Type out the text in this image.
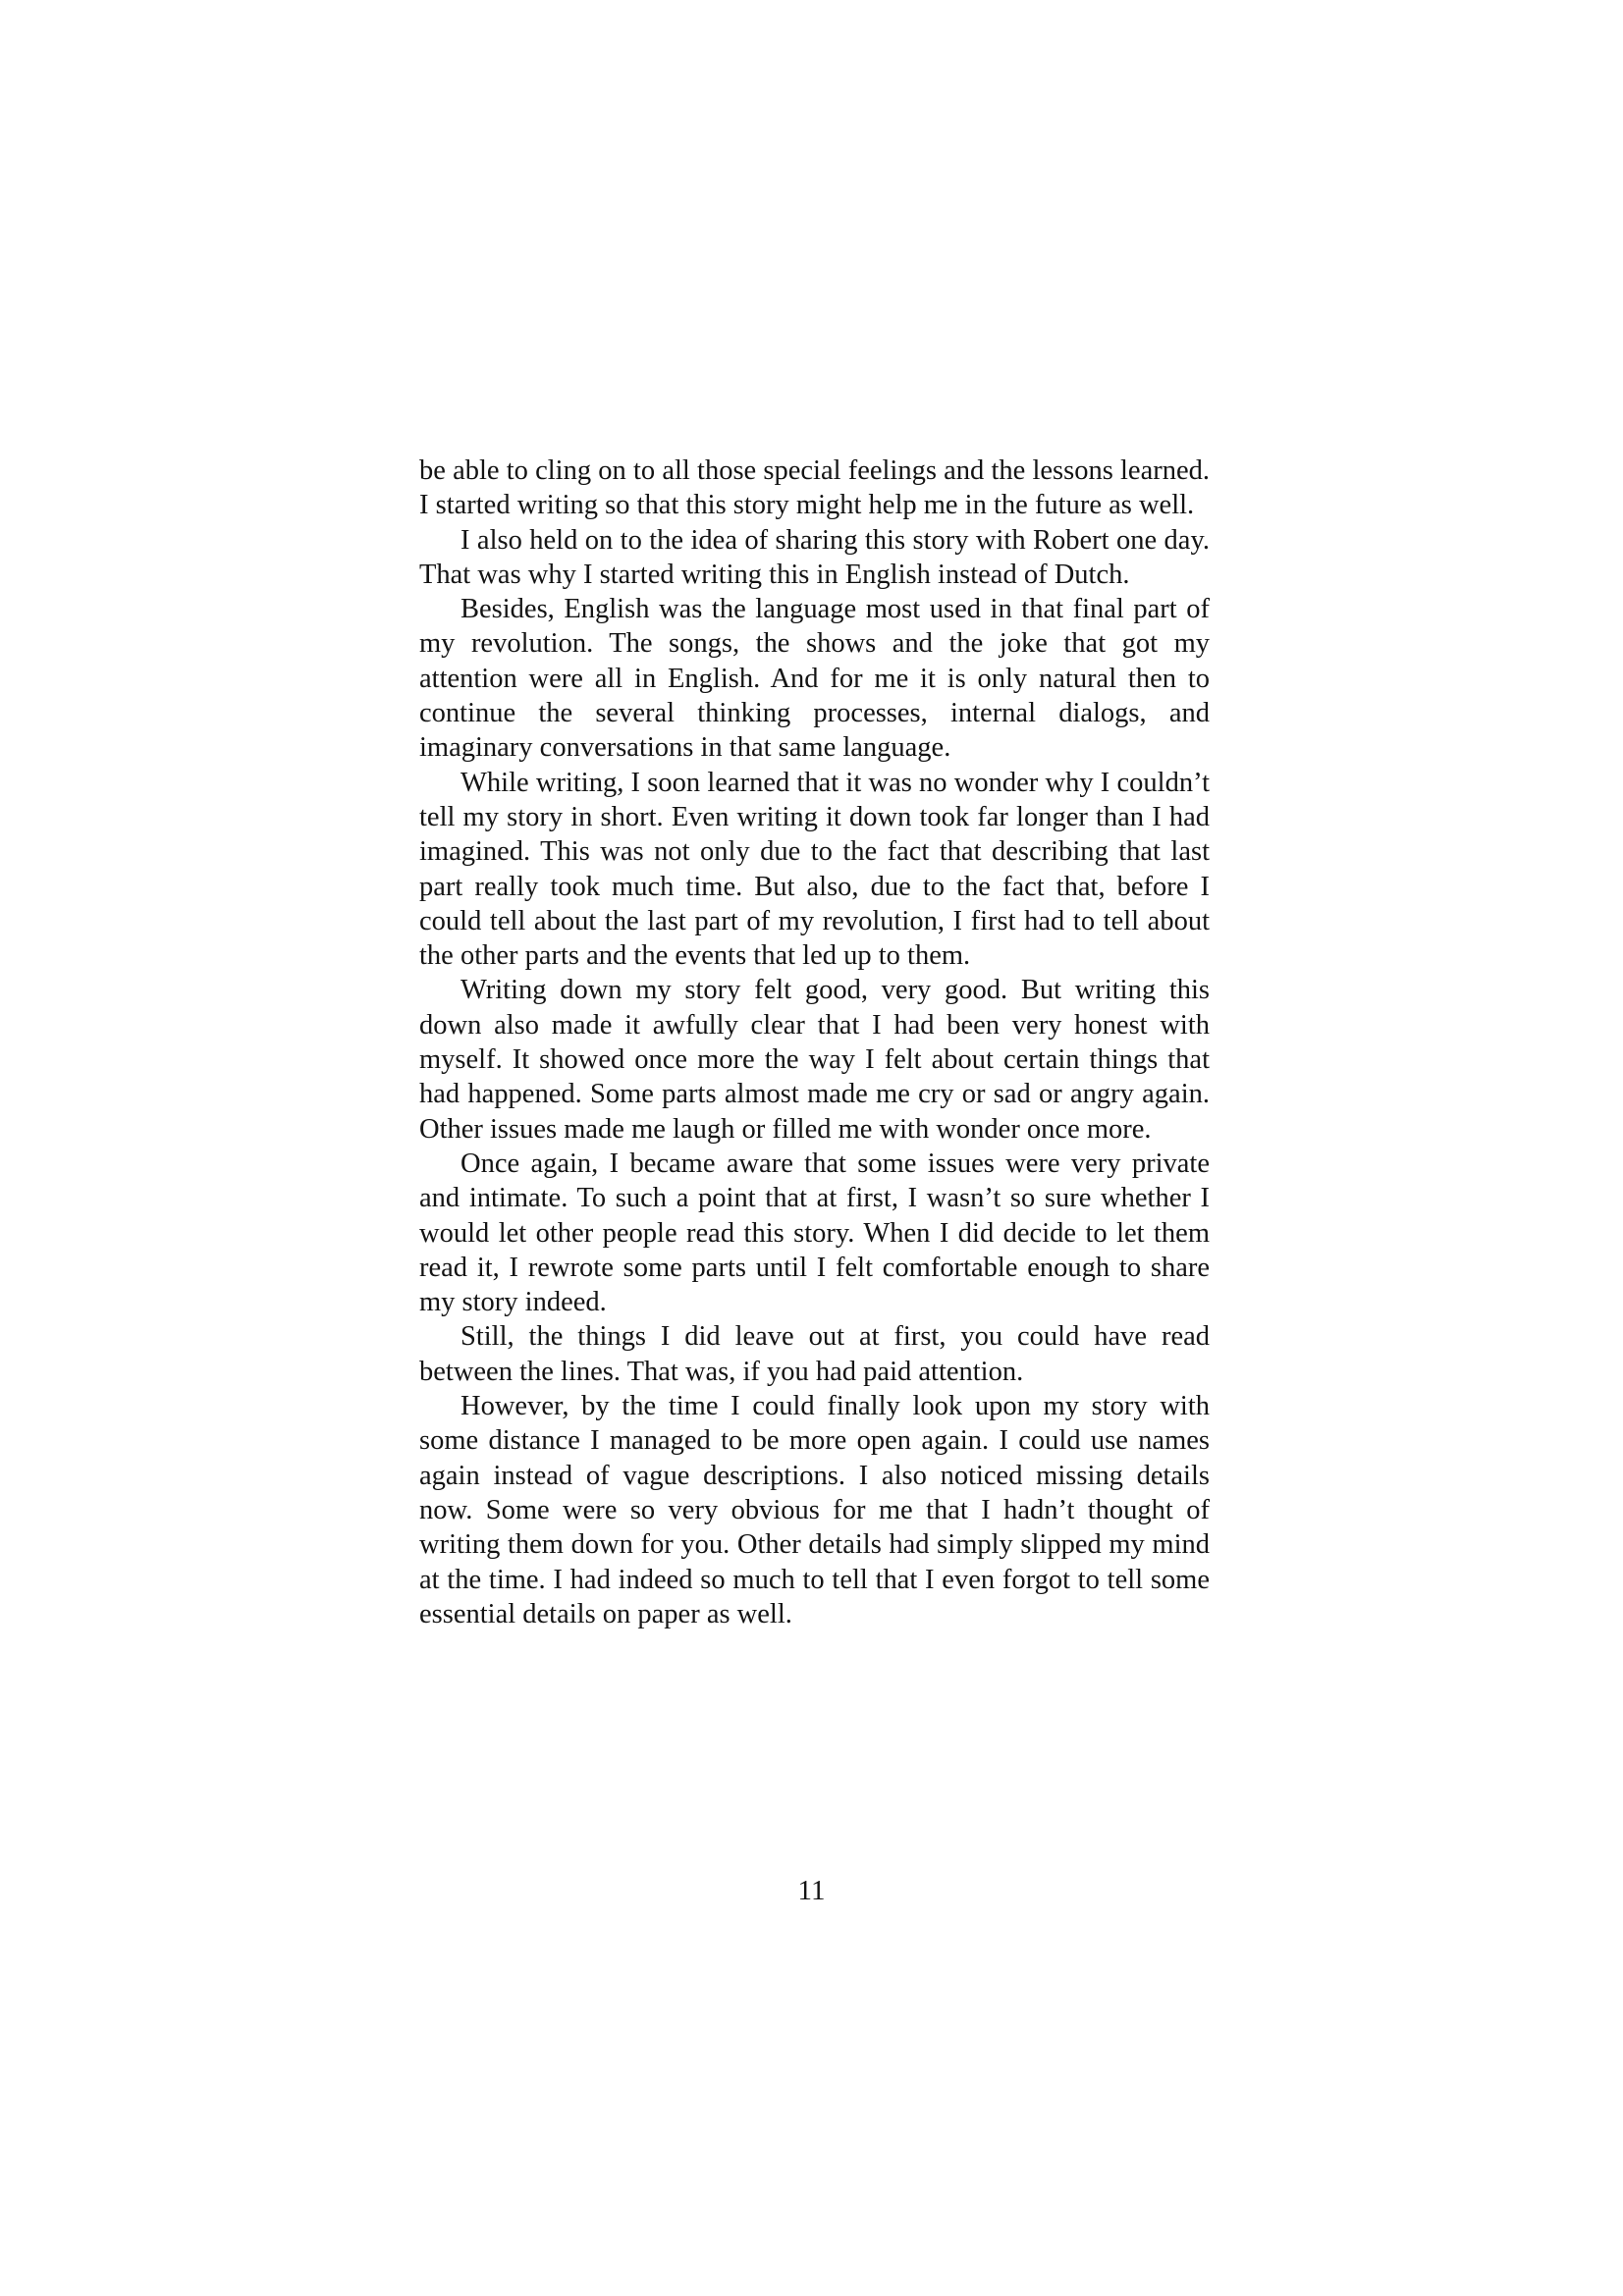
be able to cling on to all those special feelings and the lessons learned. I started writing so that this story might help me in the future as well.

I also held on to the idea of sharing this story with Robert one day. That was why I started writing this in English instead of Dutch.

Besides, English was the language most used in that final part of my revolution. The songs, the shows and the joke that got my attention were all in English. And for me it is only natural then to continue the several thinking processes, internal dialogs, and imaginary conversations in that same language.

While writing, I soon learned that it was no wonder why I couldn’t tell my story in short. Even writing it down took far longer than I had imagined. This was not only due to the fact that describing that last part really took much time. But also, due to the fact that, before I could tell about the last part of my revolution, I first had to tell about the other parts and the events that led up to them.

Writing down my story felt good, very good. But writing this down also made it awfully clear that I had been very honest with myself. It showed once more the way I felt about certain things that had happened. Some parts almost made me cry or sad or angry again. Other issues made me laugh or filled me with wonder once more.

Once again, I became aware that some issues were very private and intimate. To such a point that at first, I wasn’t so sure whether I would let other people read this story. When I did decide to let them read it, I rewrote some parts until I felt comfortable enough to share my story indeed.

Still, the things I did leave out at first, you could have read between the lines. That was, if you had paid attention.

However, by the time I could finally look upon my story with some distance I managed to be more open again. I could use names again instead of vague descriptions. I also noticed missing details now. Some were so very obvious for me that I hadn’t thought of writing them down for you. Other details had simply slipped my mind at the time. I had indeed so much to tell that I even forgot to tell some essential details on paper as well.

11
